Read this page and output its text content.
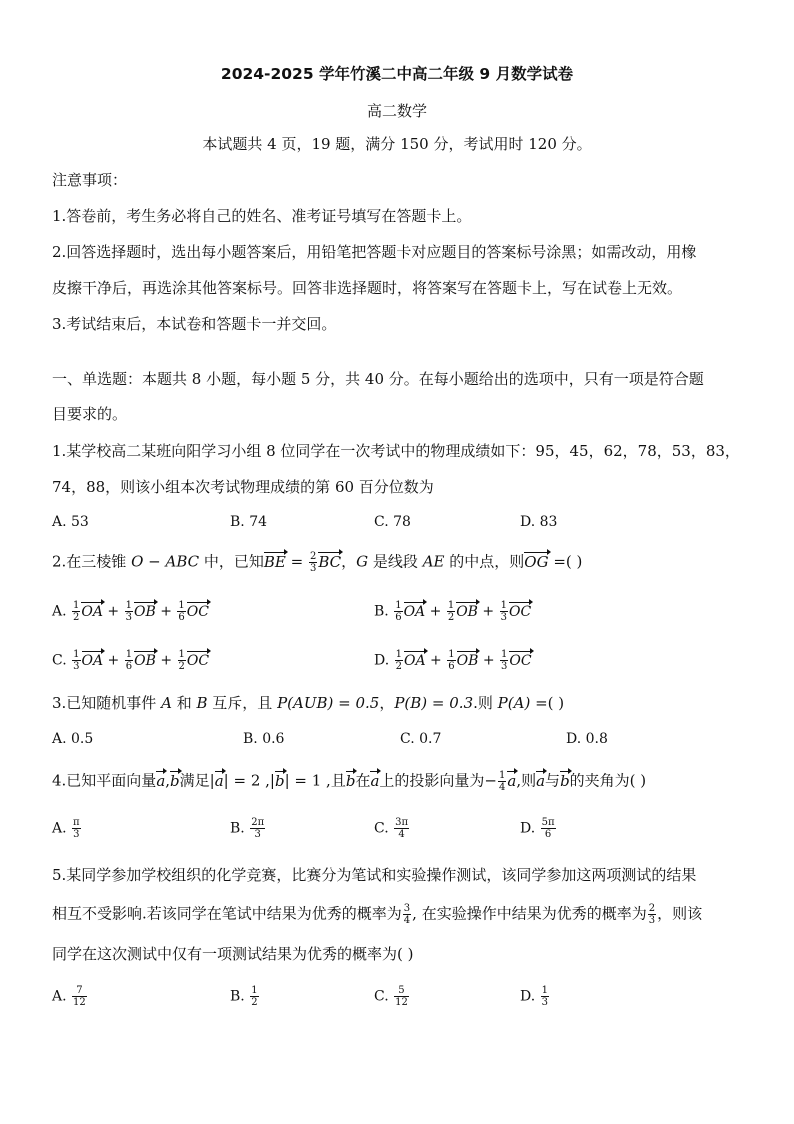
2024-2025 学年竹溪二中高二年级 9 月数学试卷
高二数学
本试题共 4 页，19 题，满分 150 分，考试用时 120 分。
注意事项：
1.答卷前，考生务必将自己的姓名、准考证号填写在答题卡上。
2.回答选择题时，选出每小题答案后，用铅笔把答题卡对应题目的答案标号涂黑；如需改动，用橡
皮擦干净后，再选涂其他答案标号。回答非选择题时，将答案写在答题卡上，写在试卷上无效。
3.考试结束后，本试卷和答题卡一并交回。
一、单选题：本题共 8 小题，每小题 5 分，共 40 分。在每小题给出的选项中，只有一项是符合题
目要求的。
1.某学校高二某班向阳学习小组 8 位同学在一次考试中的物理成绩如下：95，45，62，78，53，83，
74，88，则该小组本次考试物理成绩的第 60 百分位数为
A. 53	B. 74	C. 78	D. 83
2.在三棱锥 O − ABC 中，已知BE = $\frac{2}{3}$ BC，G 是线段 AE 的中点，则OG =( )
A. $\frac{1}{2}$ OA + $\frac{1}{3}$ OB + $\frac{1}{6}$ OC	B. $\frac{1}{6}$ OA + $\frac{1}{2}$ OB + $\frac{1}{3}$ OC
C. $\frac{1}{3}$ OA + $\frac{1}{6}$ OB + $\frac{1}{2}$ OC	D. $\frac{1}{2}$ OA + $\frac{1}{6}$ OB + $\frac{1}{3}$ OC
3.已知随机事件 A 和 B 互斥，且 P(AUB) = 0.5，P(B) = 0.3.则 P(A) =( )
A. 0.5	B. 0.6	C. 0.7	D. 0.8
4.已知平面向量a,b满足|a| = 2 ,|b| = 1 ,且b在a上的投影向量为− $\frac{1}{4} a$,则a与b的夹角为( )
A. $\frac{\pi}{3}$	B. $\frac{2\pi}{3}$	C. $\frac{3\pi}{4}$	D. $\frac{5\pi}{6}$
5.某同学参加学校组织的化学竞赛，比赛分为笔试和实验操作测试，该同学参加这两项测试的结果
相互不受影响.若该同学在笔试中结果为优秀的概率为 $\frac{3}{4}$ , 在实验操作中结果为优秀的概率为 $\frac{2}{3}$ ，则该
同学在这次测试中仅有一项测试结果为优秀的概率为( )
A. $\frac{7}{12}$	B. $\frac{1}{2}$	C. $\frac{5}{12}$	D. $\frac{1}{3}$
